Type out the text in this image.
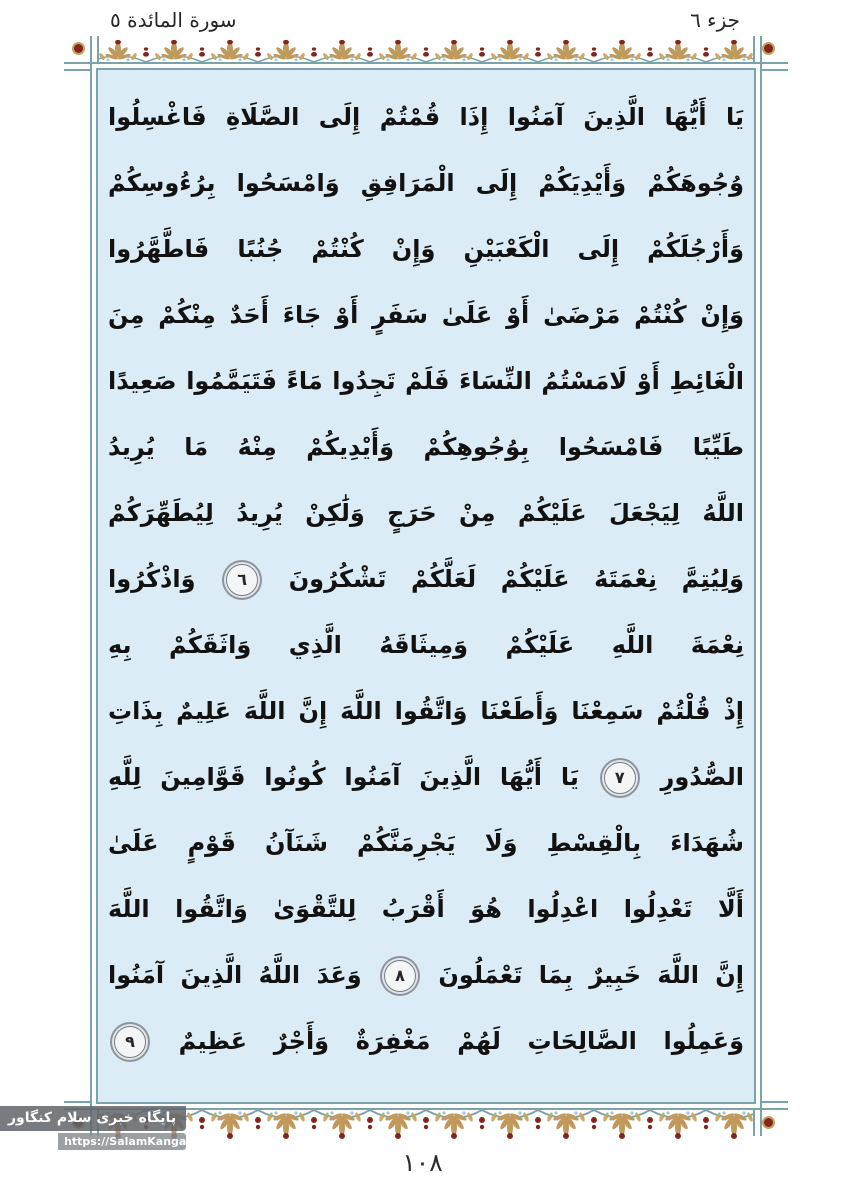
سورة المائدة ٥	جزء ٦
يَا أَيُّهَا الَّذِينَ آمَنُوا إِذَا قُمْتُمْ إِلَى الصَّلَاةِ فَاغْسِلُوا
وُجُوهَكُمْ وَأَيْدِيَكُمْ إِلَى الْمَرَافِقِ وَامْسَحُوا بِرُءُوسِكُمْ
وَأَرْجُلَكُمْ إِلَى الْكَعْبَيْنِ وَإِنْ كُنْتُمْ جُنُبًا فَاطَّهَّرُوا
وَإِنْ كُنْتُمْ مَرْضَىٰ أَوْ عَلَىٰ سَفَرٍ أَوْ جَاءَ أَحَدٌ مِنْكُمْ مِنَ
الْغَائِطِ أَوْ لَامَسْتُمُ النِّسَاءَ فَلَمْ تَجِدُوا مَاءً فَتَيَمَّمُوا صَعِيدًا
طَيِّبًا فَامْسَحُوا بِوُجُوهِكُمْ وَأَيْدِيكُمْ مِنْهُ مَا يُرِيدُ
اللَّهُ لِيَجْعَلَ عَلَيْكُمْ مِنْ حَرَجٍ وَلَٰكِنْ يُرِيدُ لِيُطَهِّرَكُمْ
وَلِيُتِمَّ نِعْمَتَهُ عَلَيْكُمْ لَعَلَّكُمْ تَشْكُرُونَ ٦ وَاذْكُرُوا
نِعْمَةَ اللَّهِ عَلَيْكُمْ وَمِيثَاقَهُ الَّذِي وَاثَقَكُمْ بِهِ
إِذْ قُلْتُمْ سَمِعْنَا وَأَطَعْنَا وَاتَّقُوا اللَّهَ إِنَّ اللَّهَ عَلِيمٌ بِذَاتِ
الصُّدُورِ ٧ يَا أَيُّهَا الَّذِينَ آمَنُوا كُونُوا قَوَّامِينَ لِلَّهِ
شُهَدَاءَ بِالْقِسْطِ وَلَا يَجْرِمَنَّكُمْ شَنَآنُ قَوْمٍ عَلَىٰ
أَلَّا تَعْدِلُوا اعْدِلُوا هُوَ أَقْرَبُ لِلتَّقْوَىٰ وَاتَّقُوا اللَّهَ
إِنَّ اللَّهَ خَبِيرٌ بِمَا تَعْمَلُونَ ٨ وَعَدَ اللَّهُ الَّذِينَ آمَنُوا
وَعَمِلُوا الصَّالِحَاتِ لَهُمْ مَغْفِرَةٌ وَأَجْرٌ عَظِيمٌ ٩
١٠٨
پایگاه خبری سلام کنگاور
https://SalamKangavar.ir
